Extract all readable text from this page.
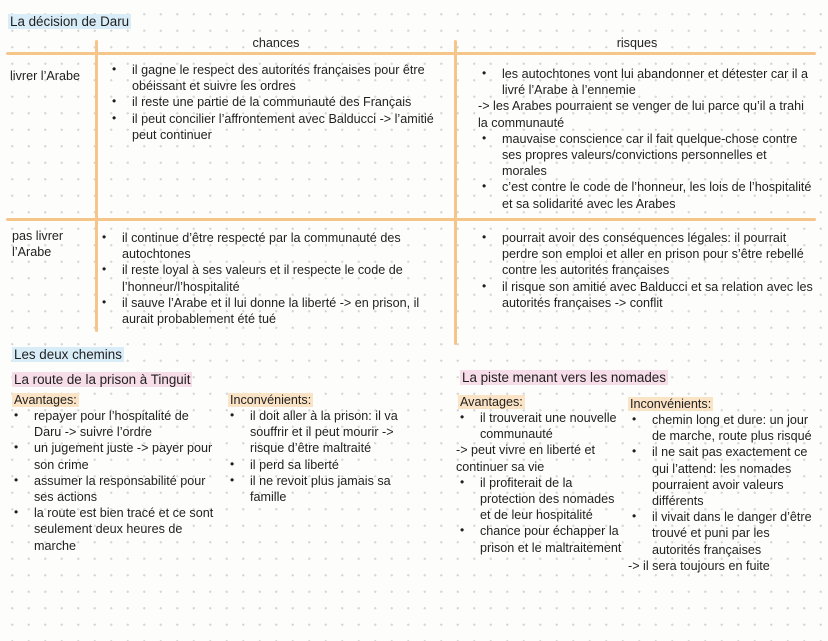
La décision de Daru
chances	risques
livrer l’Arabe
•	il gagne le respect des autorités françaises pour être obéissant et suivre les ordres
• il reste une partie de la communauté des Français
• il peut concilier l’affrontement avec Balducci -> l’amitié peut continuer
• les autochtones vont lui abandonner et détester car il a livré l’Arabe à l’ennemie
-> les Arabes pourraient se venger de lui parce qu’il a trahi la communauté
• mauvaise conscience car il fait quelque-chose contre ses propres valeurs/convictions personnelles et morales
• c’est contre le code de l’honneur, les lois de l’hospitalité et sa solidarité avec les Arabes
pas livrer l’Arabe
• il continue d’être respecté par la communauté des autochtones
• il reste loyal à ses valeurs et il respecte le code de l’honneur/l’hospitalité
• il sauve l’Arabe et il lui donne la liberté -> en prison, il aurait probablement été tué
• pourrait avoir des conséquences légales: il pourrait perdre son emploi et aller en prison pour s’être rebellé contre les autorités françaises
• il risque son amitié avec Balducci et sa relation avec les autorités françaises -> conflit
Les deux chemins
La route de la prison à Tinguit
Avantages:
• repayer pour l’hospitalité de Daru -> suivre l’ordre
• un jugement juste -> payer pour son crime
• assumer la responsabilité pour ses actions
• la route est bien tracé et ce sont seulement deux heures de marche
Inconvénients:
• il doit aller à la prison: il va souffrir et il peut mourir -> risque d’être maltraité
• il perd sa liberté
• il ne revoit plus jamais sa famille
La piste menant vers les nomades
Avantages:
• il trouverait une nouvelle communauté
-> peut vivre en liberté et continuer sa vie
• il profiterait de la protection des nomades et de leur hospitalité
• chance pour échapper la prison et le maltraitement
Inconvénients:
• chemin long et dure: un jour de marche, route plus risqué
• il ne sait pas exactement ce qui l’attend: les nomades pourraient avoir valeurs différents
• il vivait dans le danger d’être trouvé et puni par les autorités françaises
-> il sera toujours en fuite
